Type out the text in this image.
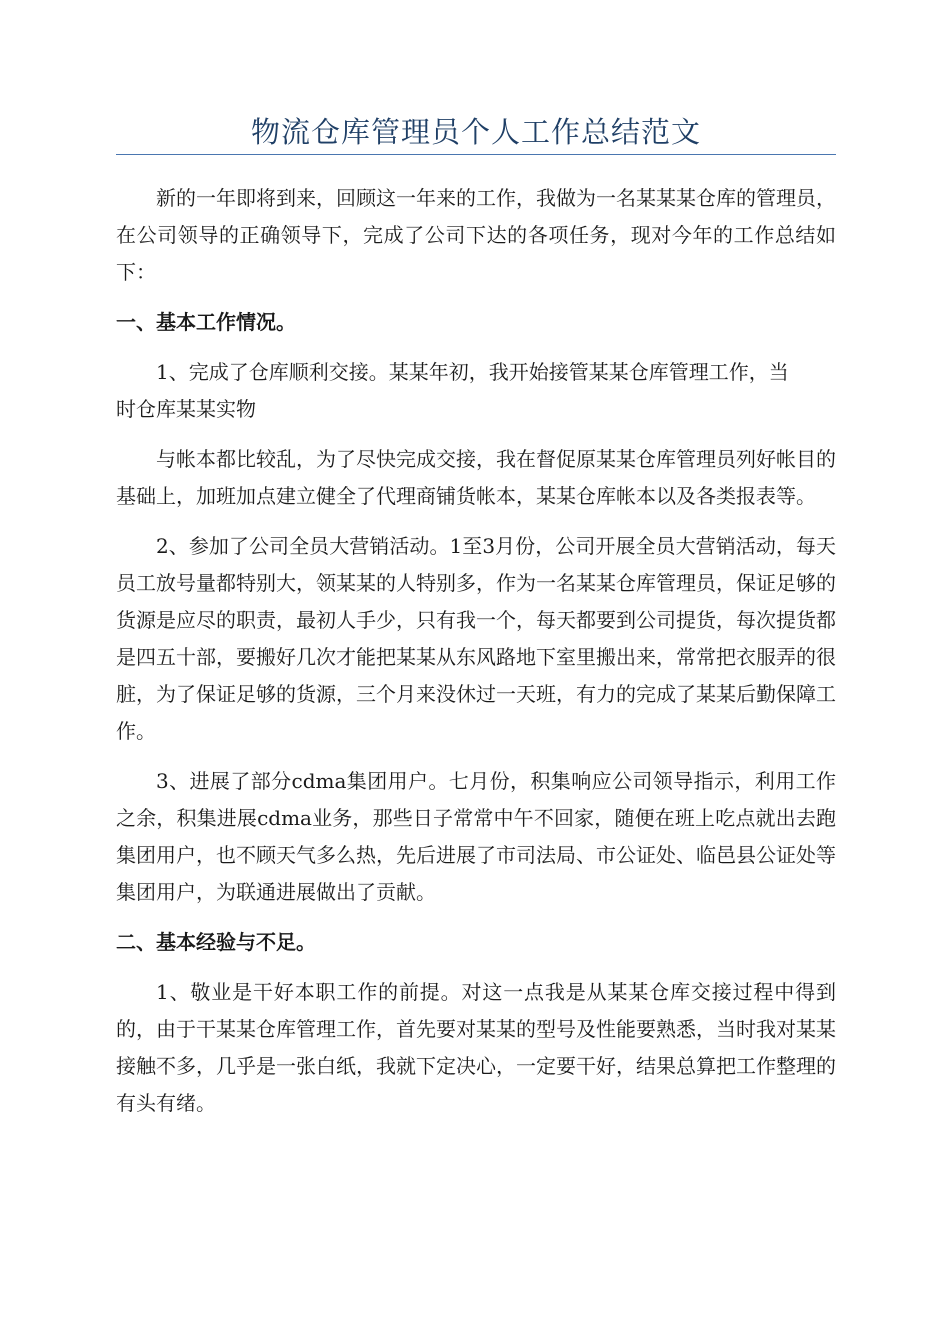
物流仓库管理员个人工作总结范文

新的一年即将到来，回顾这一年来的工作，我做为一名某某某仓库的管理员，在公司领导的正确领导下，完成了公司下达的各项任务，现对今年的工作总结如下：

一、基本工作情况。

1、完成了仓库顺利交接。某某年初，我开始接管某某仓库管理工作，当时仓库某某实物

与帐本都比较乱，为了尽快完成交接，我在督促原某某仓库管理员列好帐目的基础上，加班加点建立健全了代理商铺货帐本，某某仓库帐本以及各类报表等。

2、参加了公司全员大营销活动。1至3月份，公司开展全员大营销活动，每天员工放号量都特别大，领某某的人特别多，作为一名某某仓库管理员，保证足够的货源是应尽的职责，最初人手少，只有我一个，每天都要到公司提货，每次提货都是四五十部，要搬好几次才能把某某从东风路地下室里搬出来，常常把衣服弄的很脏，为了保证足够的货源，三个月来没休过一天班，有力的完成了某某后勤保障工作。

3、进展了部分cdma集团用户。七月份，积集响应公司领导指示，利用工作之余，积集进展cdma业务，那些日子常常中午不回家，随便在班上吃点就出去跑集团用户，也不顾天气多么热，先后进展了市司法局、市公证处、临邑县公证处等集团用户，为联通进展做出了贡献。

二、基本经验与不足。

1、敬业是干好本职工作的前提。对这一点我是从某某仓库交接过程中得到的，由于干某某仓库管理工作，首先要对某某的型号及性能要熟悉，当时我对某某接触不多，几乎是一张白纸，我就下定决心，一定要干好，结果总算把工作整理的有头有绪。
